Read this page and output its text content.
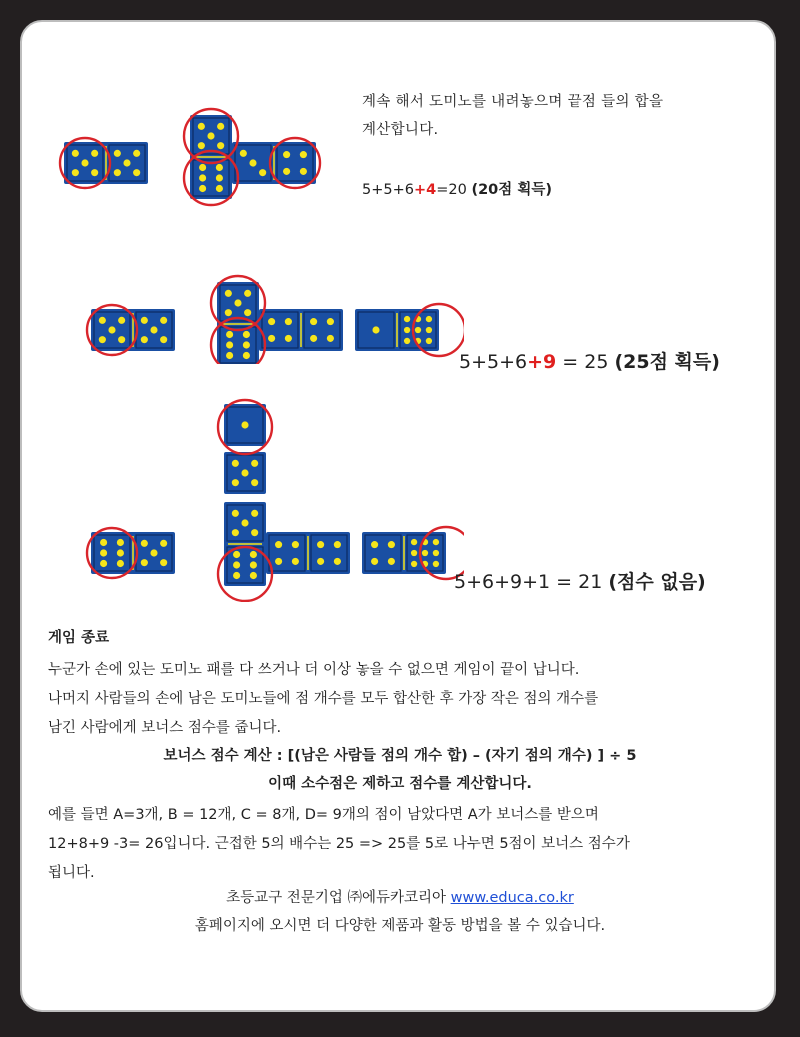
계속 해서 도미노를 내려놓으며 끝점 들의 합을
계산합니다.
5+5+6+4=20 (20점 획득)
5+5+6+9 = 25 (25점 획득)
5+6+9+1 = 21 (점수 없음)
게임 종료
누군가 손에 있는 도미노 패를 다 쓰거나 더 이상 놓을 수 없으면 게임이 끝이 납니다.
나머지 사람들의 손에 남은 도미노들에 점 개수를 모두 합산한 후 가장 작은 점의 개수를
남긴 사람에게 보너스 점수를 줍니다.
보너스 점수 계산 : [(남은 사람들 점의 개수 합) – (자기 점의 개수) ] ÷ 5
이때 소수점은 제하고 점수를 계산합니다.
예를 들면 A=3개, B = 12개, C = 8개, D= 9개의 점이 남았다면 A가 보너스를 받으며
12+8+9 -3= 26입니다. 근접한 5의 배수는 25 => 25를 5로 나누면 5점이 보너스 점수가
됩니다.
초등교구 전문기업 ㈜에듀카코리아 www.educa.co.kr
홈페이지에 오시면 더 다양한 제품과 활동 방법을 볼 수 있습니다.
